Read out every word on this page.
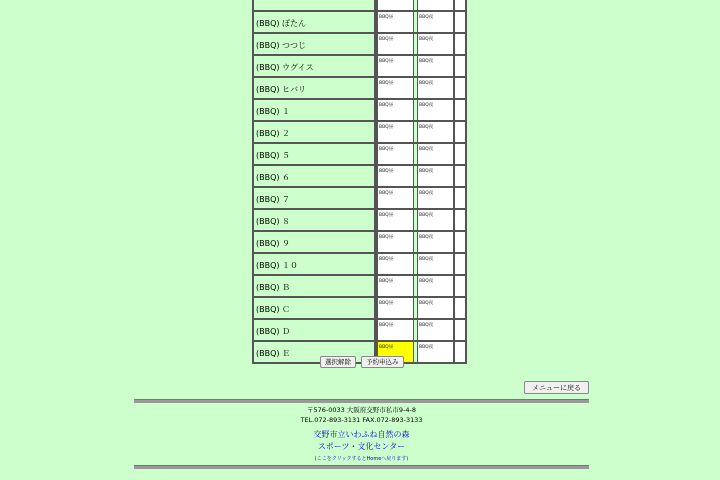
(BBQ) ぼたん	BBQ昼		BBQ夜	
(BBQ) つつじ	BBQ昼		BBQ夜	
(BBQ) ウグイス	BBQ昼		BBQ夜	
(BBQ) ヒバリ	BBQ昼		BBQ夜	
(BBQ) １	BBQ昼		BBQ夜	
(BBQ) ２	BBQ昼		BBQ夜	
(BBQ) ５	BBQ昼		BBQ夜	
(BBQ) ６	BBQ昼		BBQ夜	
(BBQ) ７	BBQ昼		BBQ夜	
(BBQ) ８	BBQ昼		BBQ夜	
(BBQ) ９	BBQ昼		BBQ夜	
(BBQ) １０	BBQ昼		BBQ夜	
(BBQ) Ｂ	BBQ昼		BBQ夜	
(BBQ) Ｃ	BBQ昼		BBQ夜	
(BBQ) Ｄ	BBQ昼		BBQ夜	
(BBQ) Ｅ	BBQ昼		BBQ夜	
選択解除	予約申込み
メニューに戻る
〒576-0033 大阪府交野市私市9-4-8
TEL.072-893-3131 FAX.072-893-3133
交野市立いわふね自然の森
スポーツ・文化センター
(ここをクリックするとHomeへ戻ります)
